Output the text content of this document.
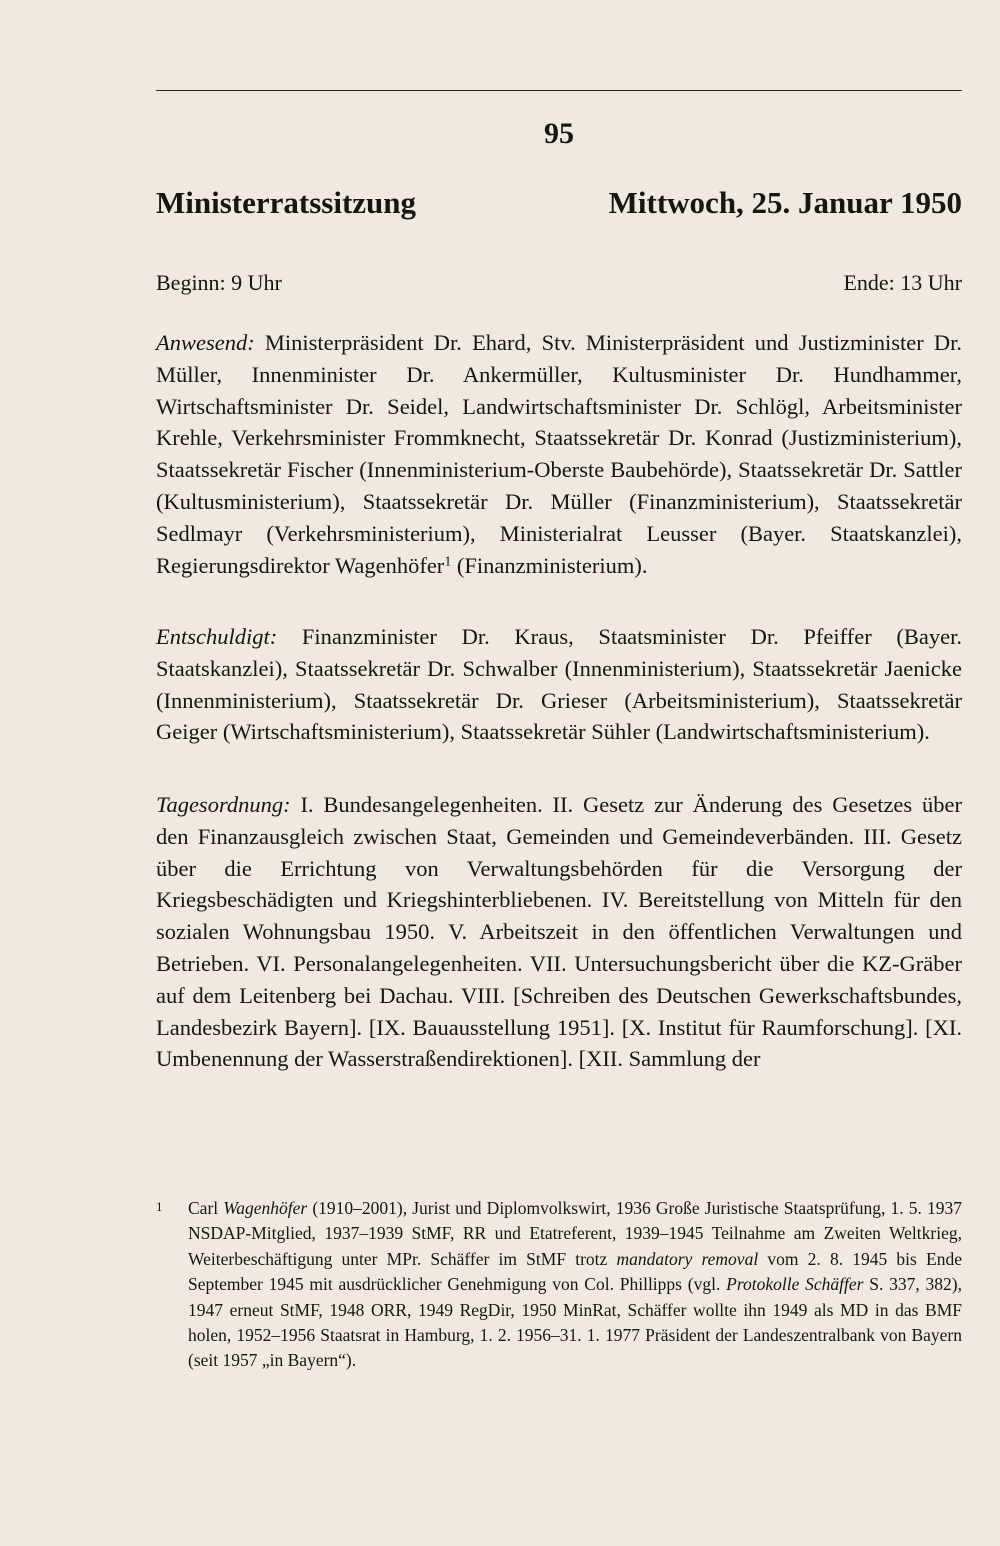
95
Ministerratssitzung	Mittwoch, 25. Januar 1950
Beginn: 9 Uhr	Ende: 13 Uhr

Anwesend: Ministerpräsident Dr. Ehard, Stv. Ministerpräsident und Justizminister Dr. Müller, Innenminister Dr. Ankermüller, Kultusminister Dr. Hundhammer, Wirtschaftsminister Dr. Seidel, Landwirtschaftsminister Dr. Schlögl, Arbeitsminister Krehle, Verkehrsminister Frommknecht, Staatssekretär Dr. Konrad (Justizministerium), Staatssekretär Fischer (Innenministerium-Oberste Baubehörde), Staatssekretär Dr. Sattler (Kultusministerium), Staatssekretär Dr. Müller (Finanzministerium), Staatssekretär Sedlmayr (Verkehrsministerium), Ministerialrat Leusser (Bayer. Staatskanzlei), Regierungsdirektor Wagenhöfer$^1$ (Finanzministerium).

Entschuldigt: Finanzminister Dr. Kraus, Staatsminister Dr. Pfeiffer (Bayer. Staatskanzlei), Staatssekretär Dr. Schwalber (Innenministerium), Staatssekretär Jaenicke (Innenministerium), Staatssekretär Dr. Grieser (Arbeitsministerium), Staatssekretär Geiger (Wirtschaftsministerium), Staatssekretär Sühler (Landwirtschaftsministerium).

Tagesordnung: I. Bundesangelegenheiten. II. Gesetz zur Änderung des Gesetzes über den Finanzausgleich zwischen Staat, Gemeinden und Gemeindeverbänden. III. Gesetz über die Errichtung von Verwaltungsbehörden für die Versorgung der Kriegsbeschädigten und Kriegshinterbliebenen. IV. Bereitstellung von Mitteln für den sozialen Wohnungsbau 1950. V. Arbeitszeit in den öffentlichen Verwaltungen und Betrieben. VI. Personalangelegenheiten. VII. Untersuchungsbericht über die KZ-Gräber auf dem Leitenberg bei Dachau. VIII. [Schreiben des Deutschen Gewerkschaftsbundes, Landesbezirk Bayern]. [IX. Bauausstellung 1951]. [X. Institut für Raumforschung]. [XI. Umbenennung der Wasserstraßendirektionen]. [XII. Sammlung der

1	Carl Wagenhöfer (1910–2001), Jurist und Diplomvolkswirt, 1936 Große Juristische Staatsprüfung, 1. 5. 1937 NSDAP-Mitglied, 1937–1939 StMF, RR und Etatreferent, 1939–1945 Teilnahme am Zweiten Weltkrieg, Weiterbeschäftigung unter MPr. Schäffer im StMF trotz mandatory removal vom 2. 8. 1945 bis Ende September 1945 mit ausdrücklicher Genehmigung von Col. Phillipps (vgl. Protokolle Schäffer S. 337, 382), 1947 erneut StMF, 1948 ORR, 1949 RegDir, 1950 MinRat, Schäffer wollte ihn 1949 als MD in das BMF holen, 1952–1956 Staatsrat in Hamburg, 1. 2. 1956–31. 1. 1977 Präsident der Landeszentralbank von Bayern (seit 1957 „in Bayern“).
